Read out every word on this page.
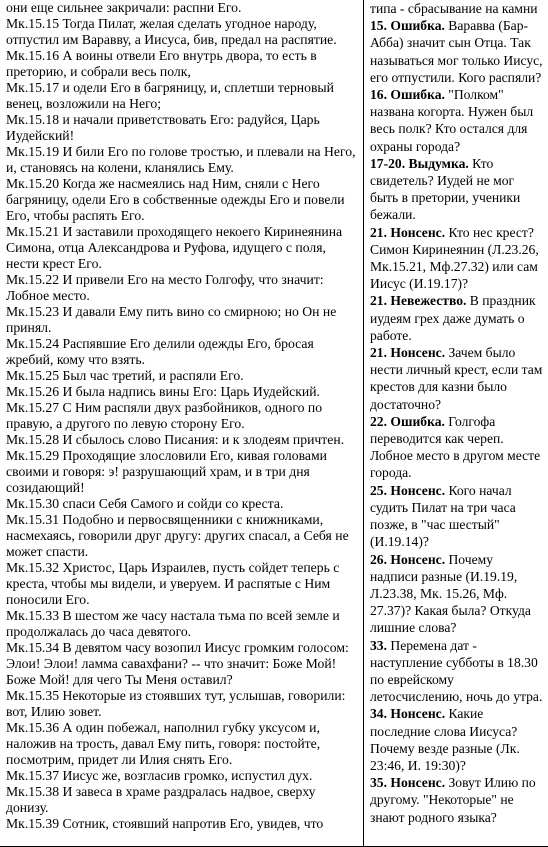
они еще сильнее закричали: распни Его.
Мк.15.15 Тогда Пилат, желая сделать угодное народу, отпустил им Варавву, а Иисуса, бив, предал на распятие.
Мк.15.16 А воины отвели Его внутрь двора, то есть в преторию, и собрали весь полк,
Мк.15.17 и одели Его в багряницу, и, сплетши терновый венец, возложили на Него;
Мк.15.18 и начали приветствовать Его: радуйся, Царь Иудейский!
Мк.15.19 И били Его по голове тростью, и плевали на Него, и, становясь на колени, кланялись Ему.
Мк.15.20 Когда же насмеялись над Ним, сняли с Него багряницу, одели Его в собственные одежды Его и повели Его, чтобы распять Его.
Мк.15.21 И заставили проходящего некоего Киринеянина Симона, отца Александрова и Руфова, идущего с поля, нести крест Его.
Мк.15.22 И привели Его на место Голгофу, что значит: Лобное место.
Мк.15.23 И давали Ему пить вино со смирною; но Он не принял.
Мк.15.24 Распявшие Его делили одежды Его, бросая жребий, кому что взять.
Мк.15.25 Был час третий, и распяли Его.
Мк.15.26 И была надпись вины Его: Царь Иудейский.
Мк.15.27 С Ним распяли двух разбойников, одного по правую, а другого по левую сторону Его.
Мк.15.28 И сбылось слово Писания: и к злодеям причтен.
Мк.15.29 Проходящие злословили Его, кивая головами своими и говоря: э! разрушающий храм, и в три дня созидающий!
Мк.15.30 спаси Себя Самого и сойди со креста.
Мк.15.31 Подобно и первосвященники с книжниками, насмехаясь, говорили друг другу: других спасал, а Себя не может спасти.
Мк.15.32 Христос, Царь Израилев, пусть сойдет теперь с креста, чтобы мы видели, и уверуем. И распятые с Ним поносили Его.
Мк.15.33 В шестом же часу настала тьма по всей земле и продолжалась до часа девятого.
Мк.15.34 В девятом часу возопил Иисус громким голосом: Элои! Элои! ламма савахфани? -- что значит: Боже Мой! Боже Мой! для чего Ты Меня оставил?
Мк.15.35 Некоторые из стоявших тут, услышав, говорили: вот, Илию зовет.
Мк.15.36 А один побежал, наполнил губку уксусом и, наложив на трость, давал Ему пить, говоря: постойте, посмотрим, придет ли Илия снять Его.
Мк.15.37 Иисус же, возгласив громко, испустил дух.
Мк.15.38 И завеса в храме раздралась надвое, сверху донизу.
Мк.15.39 Сотник, стоявший напротив Его, увидев, что
типа - сбрасывание на камни
15. Ошибка. Варавва (Бар-Абба) значит сын Отца. Так называться мог только Иисус, его отпустили. Кого распяли?
16. Ошибка. "Полком" названа когорта. Нужен был весь полк? Кто остался для охраны города?
17-20. Выдумка. Кто свидетель? Иудей не мог быть в претории, ученики бежали.
21. Нонсенс. Кто нес крест? Симон Киринеянин (Л.23.26, Мк.15.21, Мф.27.32) или сам Иисус (И.19.17)?
21. Невежество. В праздник иудеям грех даже думать о работе.
21. Нонсенс. Зачем было нести личный крест, если там крестов для казни было достаточно?
22. Ошибка. Голгофа переводится как череп. Лобное место в другом месте города.
25. Нонсенс. Кого начал судить Пилат на три часа позже, в "час шестый" (И.19.14)?
26. Нонсенс. Почему надписи разные (И.19.19, Л.23.38, Мк. 15.26, Мф. 27.37)? Какая была? Откуда лишние слова?
33. Перемена дат - наступление субботы в 18.30 по еврейскому летосчислению, ночь до утра.
34. Нонсенс. Какие последние слова Иисуса? Почему везде разные (Лк. 23:46, И. 19:30)?
35. Нонсенс. Зовут Илию по другому. "Некоторые" не знают родного языка?
